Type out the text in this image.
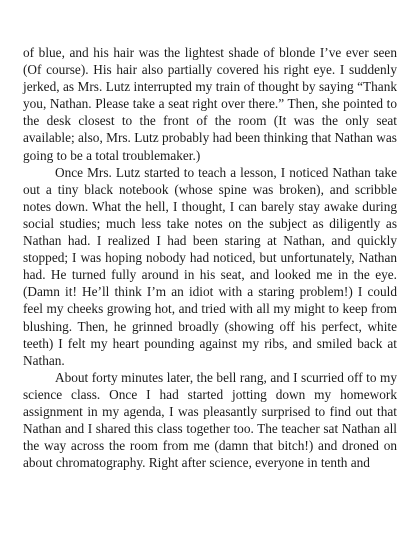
of blue, and his hair was the lightest shade of blonde I’ve ever seen (Of course). His hair also partially covered his right eye. I suddenly jerked, as Mrs. Lutz interrupted my train of thought by saying “Thank you, Nathan. Please take a seat right over there.” Then, she pointed to the desk closest to the front of the room (It was the only seat available; also, Mrs. Lutz probably had been thinking that Nathan was going to be a total troublemaker.)

Once Mrs. Lutz started to teach a lesson, I noticed Nathan take out a tiny black notebook (whose spine was broken), and scribble notes down. What the hell, I thought, I can barely stay awake during social studies; much less take notes on the subject as diligently as Nathan had. I realized I had been staring at Nathan, and quickly stopped; I was hoping nobody had noticed, but unfortunately, Nathan had. He turned fully around in his seat, and looked me in the eye. (Damn it! He’ll think I’m an idiot with a staring problem!) I could feel my cheeks growing hot, and tried with all my might to keep from blushing. Then, he grinned broadly (showing off his perfect, white teeth) I felt my heart pounding against my ribs, and smiled back at Nathan.

About forty minutes later, the bell rang, and I scurried off to my science class. Once I had started jotting down my homework assignment in my agenda, I was pleasantly surprised to find out that Nathan and I shared this class together too. The teacher sat Nathan all the way across the room from me (damn that bitch!) and droned on about chromatography. Right after science, everyone in tenth and
